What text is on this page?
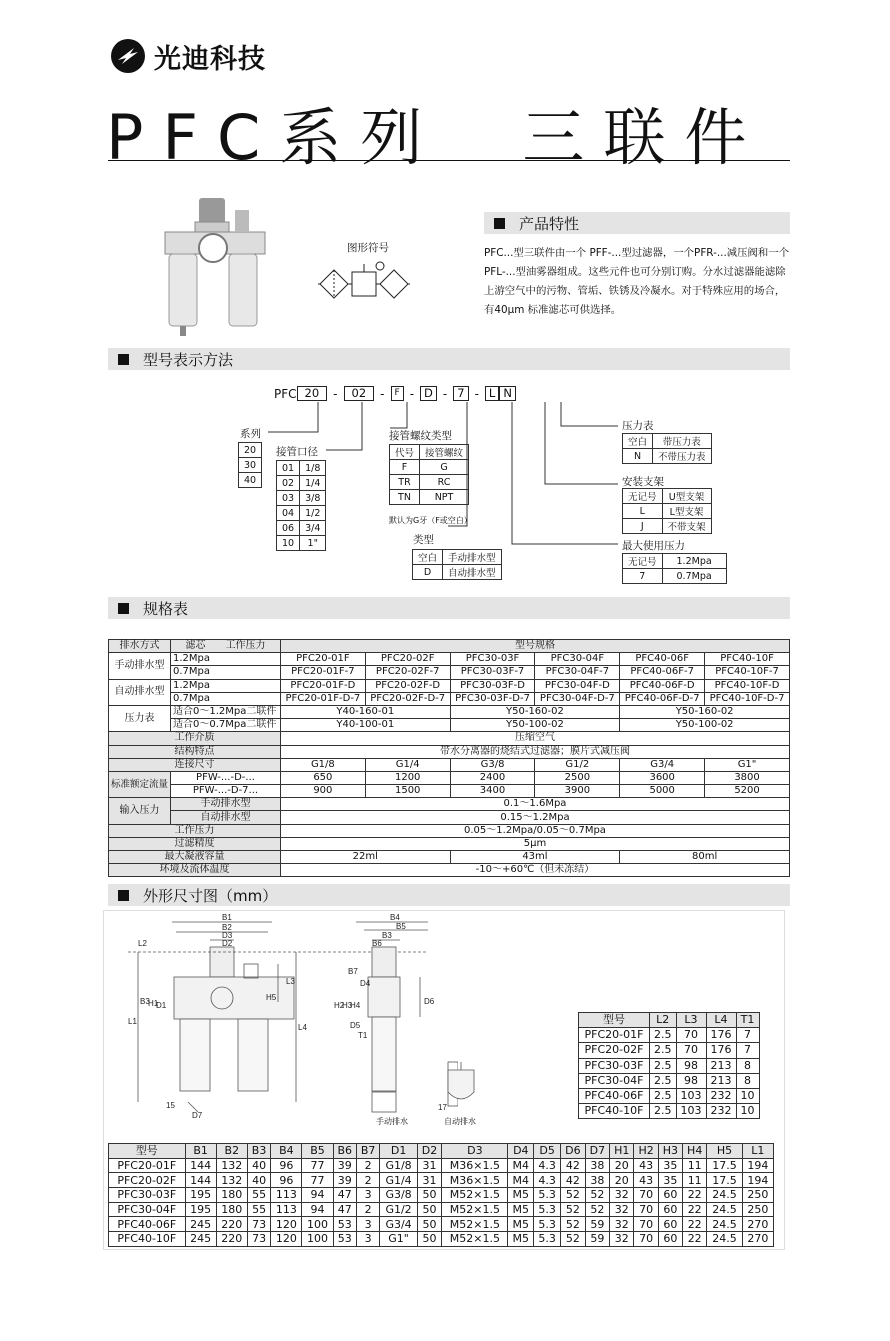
光迪科技
PFC系列　三联件
图形符号
产品特性
PFC...型三联件由一个 PFF-...型过滤器，一个PFR-...减压阀和一个 PFL-...型油雾器组成。这些元件也可分别订购。分水过滤器能滤除上游空气中的污物、管垢、铁锈及冷凝水。对于特殊应用的场合，有40μm 标准滤芯可供选择。
型号表示方法
PFC 20	-	02	-	F - D - 7 - L N
系列
20
30
40
接管口径
01	1/8
02	1/4
03	3/8
04	1/2
06	3/4
10	1"
接管螺纹类型
代号	接管螺纹
F	G
TR	RC
TN	NPT
默认为G牙（F或空白）
类型
空白	手动排水型
D	自动排水型
压力表
空白	带压力表
N	不带压力表
安装支架
无记号	U型支架
L	L型支架
J	不带支架
最大使用压力
无记号	1.2Mpa
7	0.7Mpa
规格表
排水方式	滤芯　　 工作压力	型号规格					
手动排水型	1.2Mpa	PFC20-01F	PFC20-02F	PFC30-03F	PFC30-04F	PFC40-06F	PFC40-10F
	0.7Mpa	PFC20-01F-7	PFC20-02F-7	PFC30-03F-7	PFC30-04F-7	PFC40-06F-7	PFC40-10F-7
自动排水型	1.2Mpa	PFC20-01F-D	PFC20-02F-D	PFC30-03F-D	PFC30-04F-D	PFC40-06F-D	PFC40-10F-D
	0.7Mpa	PFC20-01F-D-7	PFC20-02F-D-7	PFC30-03F-D-7	PFC30-04F-D-7	PFC40-06F-D-7	PFC40-10F-D-7
压力表	适合0～1.2Mpa二联件	Y40-160-01		Y50-160-02		Y50-160-02	
	适合0～0.7Mpa二联件	Y40-100-01		Y50-100-02		Y50-100-02	
工作介质		压缩空气					
结构特点		带水分离器的烧结式过滤器；膜片式减压阀					
连接尺寸		G1/8	G1/4	G3/8	G1/2	G3/4	G1"
标准额定流量	PFW-...-D-...	650	1200	2400	2500	3600	3800
	PFW-...-D-7...	900	1500	3400	3900	5000	5200
输入压力	手动排水型	0.1～1.6Mpa					
	自动排水型	0.15～1.2Mpa					
工作压力		0.05～1.2Mpa/0.05～0.7Mpa					
过滤精度		5μm					
最大凝液容量		22ml		43ml		80ml	
环境及流体温度		-10～+60℃（但未冻结）					
外形尺寸图（mm）
B1
B2
D3
D2
L2
L1
L4
L3
B3
H1
D1
H5
15
D7
B4
B5
B3
B6
B7
D4
H2
H3
H4	D6
D5
T1
17
手动排水	自动排水
型号	L2	L3	L4	T1
PFC20-01F	2.5	70	176	7
PFC20-02F	2.5	70	176	7
PFC30-03F	2.5	98	213	8
PFC30-04F	2.5	98	213	8
PFC40-06F	2.5	103	232	10
PFC40-10F	2.5	103	232	10
型号	B1	B2	B3	B4	B5	B6	B7	D1	D2	D3	D4	D5	D6	D7	H1	H2	H3	H4	H5	L1
PFC20-01F	144	132	40	96	77	39	2	G1/8	31	M36×1.5	M4	4.3	42	38	20	43	35	11	17.5	194
PFC20-02F	144	132	40	96	77	39	2	G1/4	31	M36×1.5	M4	4.3	42	38	20	43	35	11	17.5	194
PFC30-03F	195	180	55	113	94	47	3	G3/8	50	M52×1.5	M5	5.3	52	52	32	70	60	22	24.5	250
PFC30-04F	195	180	55	113	94	47	2	G1/2	50	M52×1.5	M5	5.3	52	52	32	70	60	22	24.5	250
PFC40-06F	245	220	73	120	100	53	3	G3/4	50	M52×1.5	M5	5.3	52	59	32	70	60	22	24.5	270
PFC40-10F	245	220	73	120	100	53	3	G1"	50	M52×1.5	M5	5.3	52	59	32	70	60	22	24.5	270
